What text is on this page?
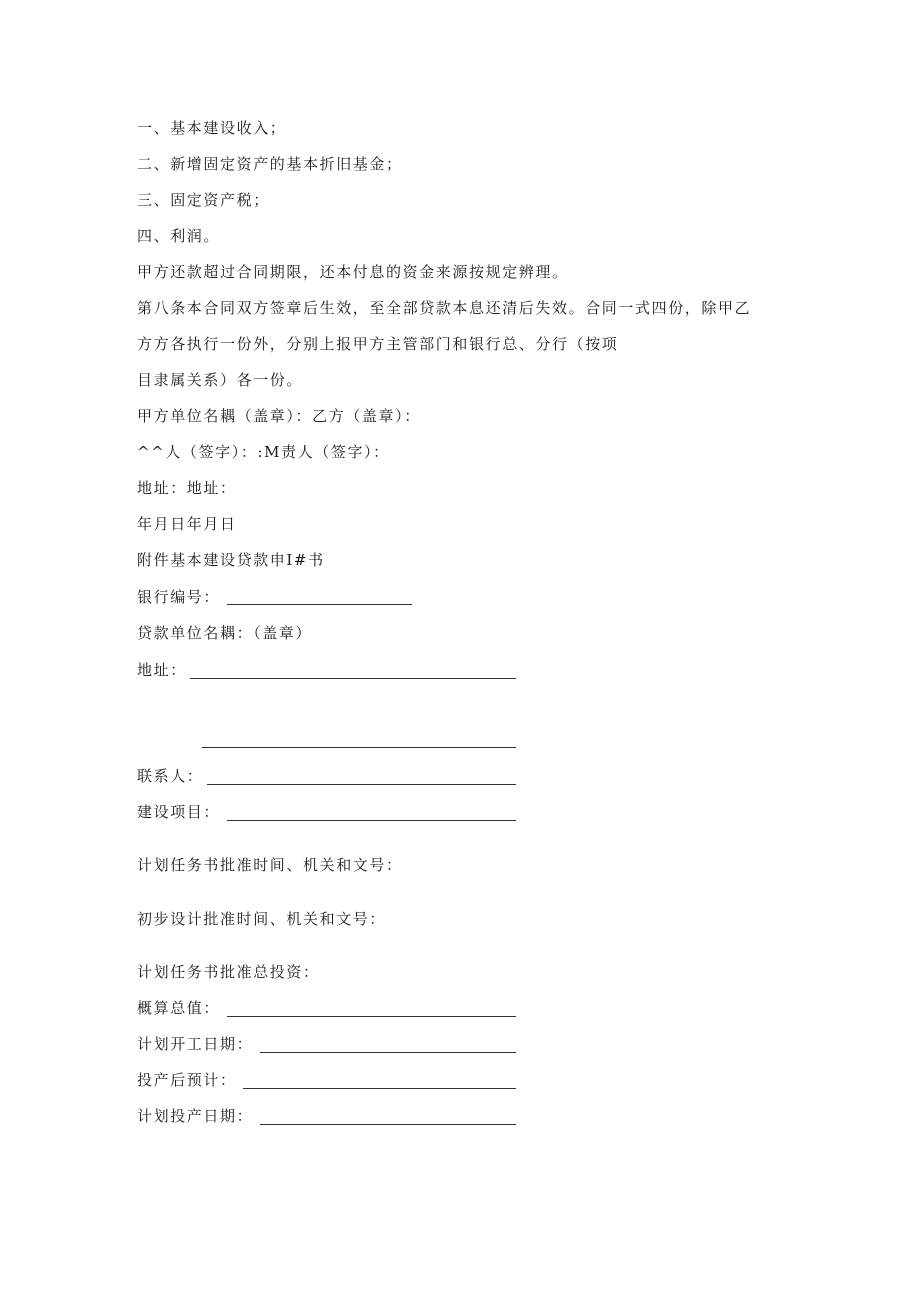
一、基本建设收入；
二、新增固定资产的基本折旧基金；
三、固定资产税；
四、利润。
甲方还款超过合同期限，还本付息的资金来源按规定辨理。
第八条本合同双方签章后生效，至全部贷款本息还清后失效。合同一式四份，除甲乙
方方各执行一份外，分别上报甲方主管部门和银行总、分行（按项
目隶属关系）各一份。
甲方单位名耦（盖章）：乙方（盖章）：
^^人（签字）：:M责人（签字）：
地址：地址：
年月日年月日
附件基本建设贷款申I#书
银行编号：
贷款单位名耦：（盖章）
地址：
联系人：
建设项目：
计划任务书批准时间、机关和文号：
初步设计批准时间、机关和文号：
计划任务书批准总投资：
概算总值：
计划开工日期：
投产后预计：
计划投产日期：
